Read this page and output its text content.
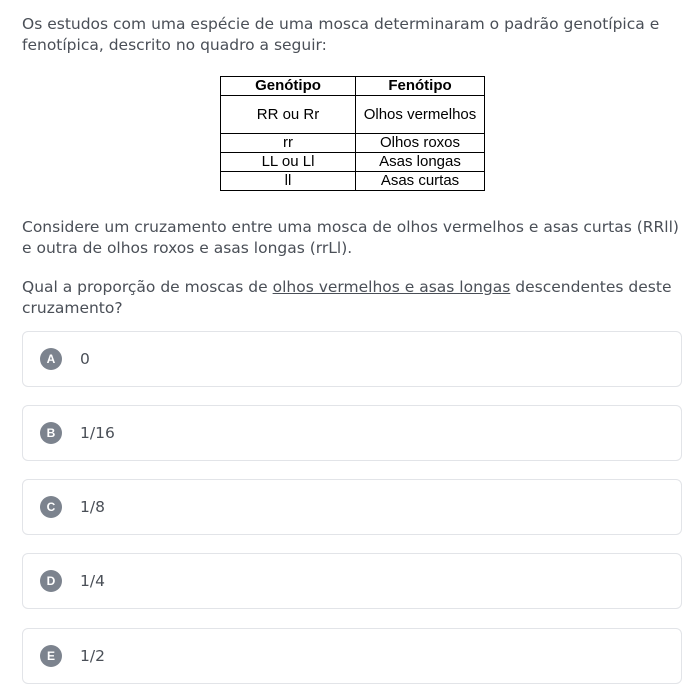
Os estudos com uma espécie de uma mosca determinaram o padrão genotípica e fenotípica, descrito no quadro a seguir:

Genótipo	Fenótipo
RR ou Rr	Olhos vermelhos
rr	Olhos roxos
LL ou Ll	Asas longas
ll	Asas curtas

Considere um cruzamento entre uma mosca de olhos vermelhos e asas curtas (RRll) e outra de olhos roxos e asas longas (rrLl).

Qual a proporção de moscas de olhos vermelhos e asas longas descendentes deste cruzamento?

A	0
B	1/16
C	1/8
D	1/4
E	1/2
